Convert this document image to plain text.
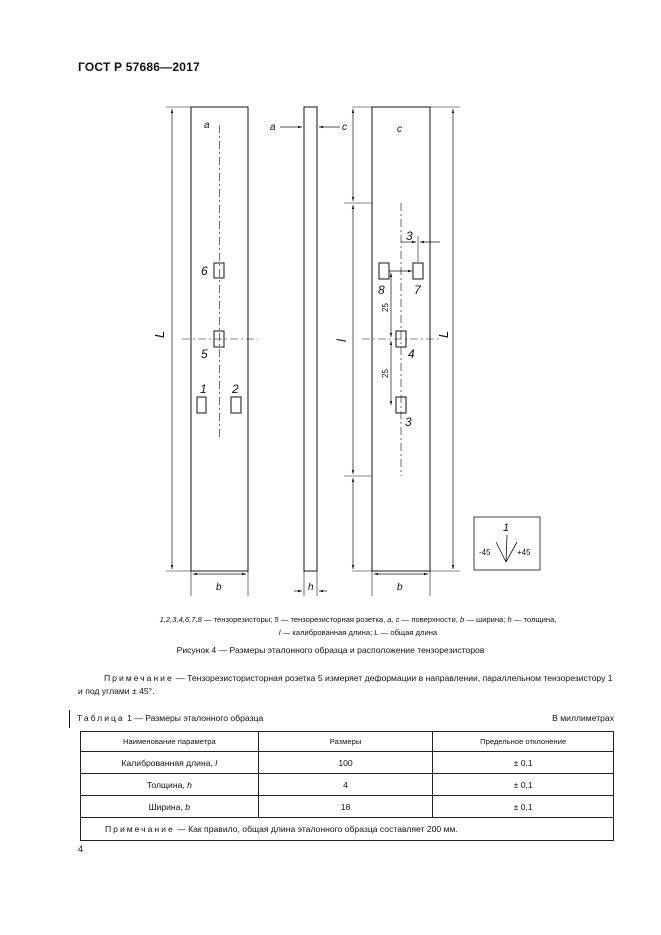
ГОСТ Р 57686—2017
a	a	c	c
L	L
l
b	b
h
3
25
25
6
5
1 2
8 7
4
3
1
-45	+45
1,2,3,4,6,7,8 — тензорезисторы; 5 — тензорезисторная розетка, a, c — поверхности, b — ширина; h — толщина,
l — калиброванная длина; L — общая длина
Рисунок 4 — Размеры эталонного образца и расположение тензорезисторов
Примечание — Тензорезистористoрная розетка 5 измеряет деформации в направлении, параллельном тензорезистору 1 и под углами ± 45°.
Таблица 1 — Размеры эталонного образца	В миллиметрах
Наименование параметра	Размеры	Предельное отклонение
Калиброванная длина, l	100	± 0,1
Толщина, h	4	± 0,1
Ширина, b	18	± 0,1
Примечание — Как правило, общая длина эталонного образца составляет 200 мм.		
4
